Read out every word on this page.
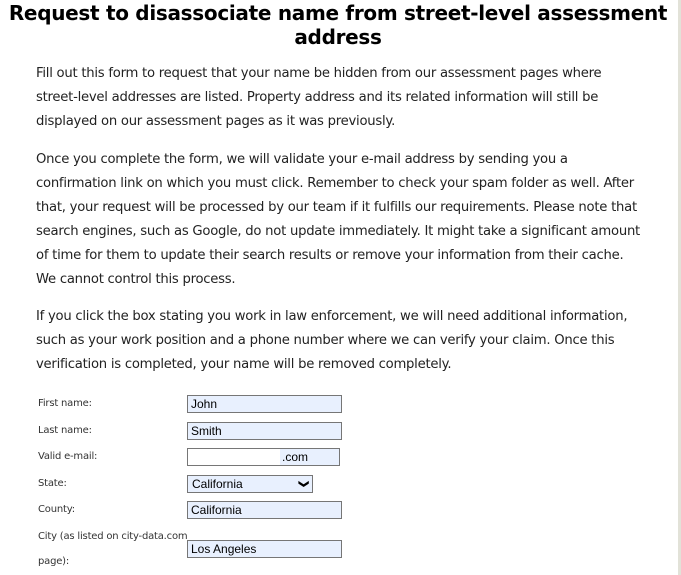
Request to disassociate name from street-level assessment address

Fill out this form to request that your name be hidden from our assessment pages where street-level addresses are listed. Property address and its related information will still be displayed on our assessment pages as it was previously.

Once you complete the form, we will validate your e-mail address by sending you a confirmation link on which you must click. Remember to check your spam folder as well. After that, your request will be processed by our team if it fulfills our requirements. Please note that search engines, such as Google, do not update immediately. It might take a significant amount of time for them to update their search results or remove your information from their cache. We cannot control this process.

If you click the box stating you work in law enforcement, we will need additional information, such as your work position and a phone number where we can verify your claim. Once this verification is completed, your name will be removed completely.

First name:
John
Last name:
Smith
Valid e-mail:	.com
State:	California	❯
County:
California
City (as listed on city-data.com
page):
Los Angeles
